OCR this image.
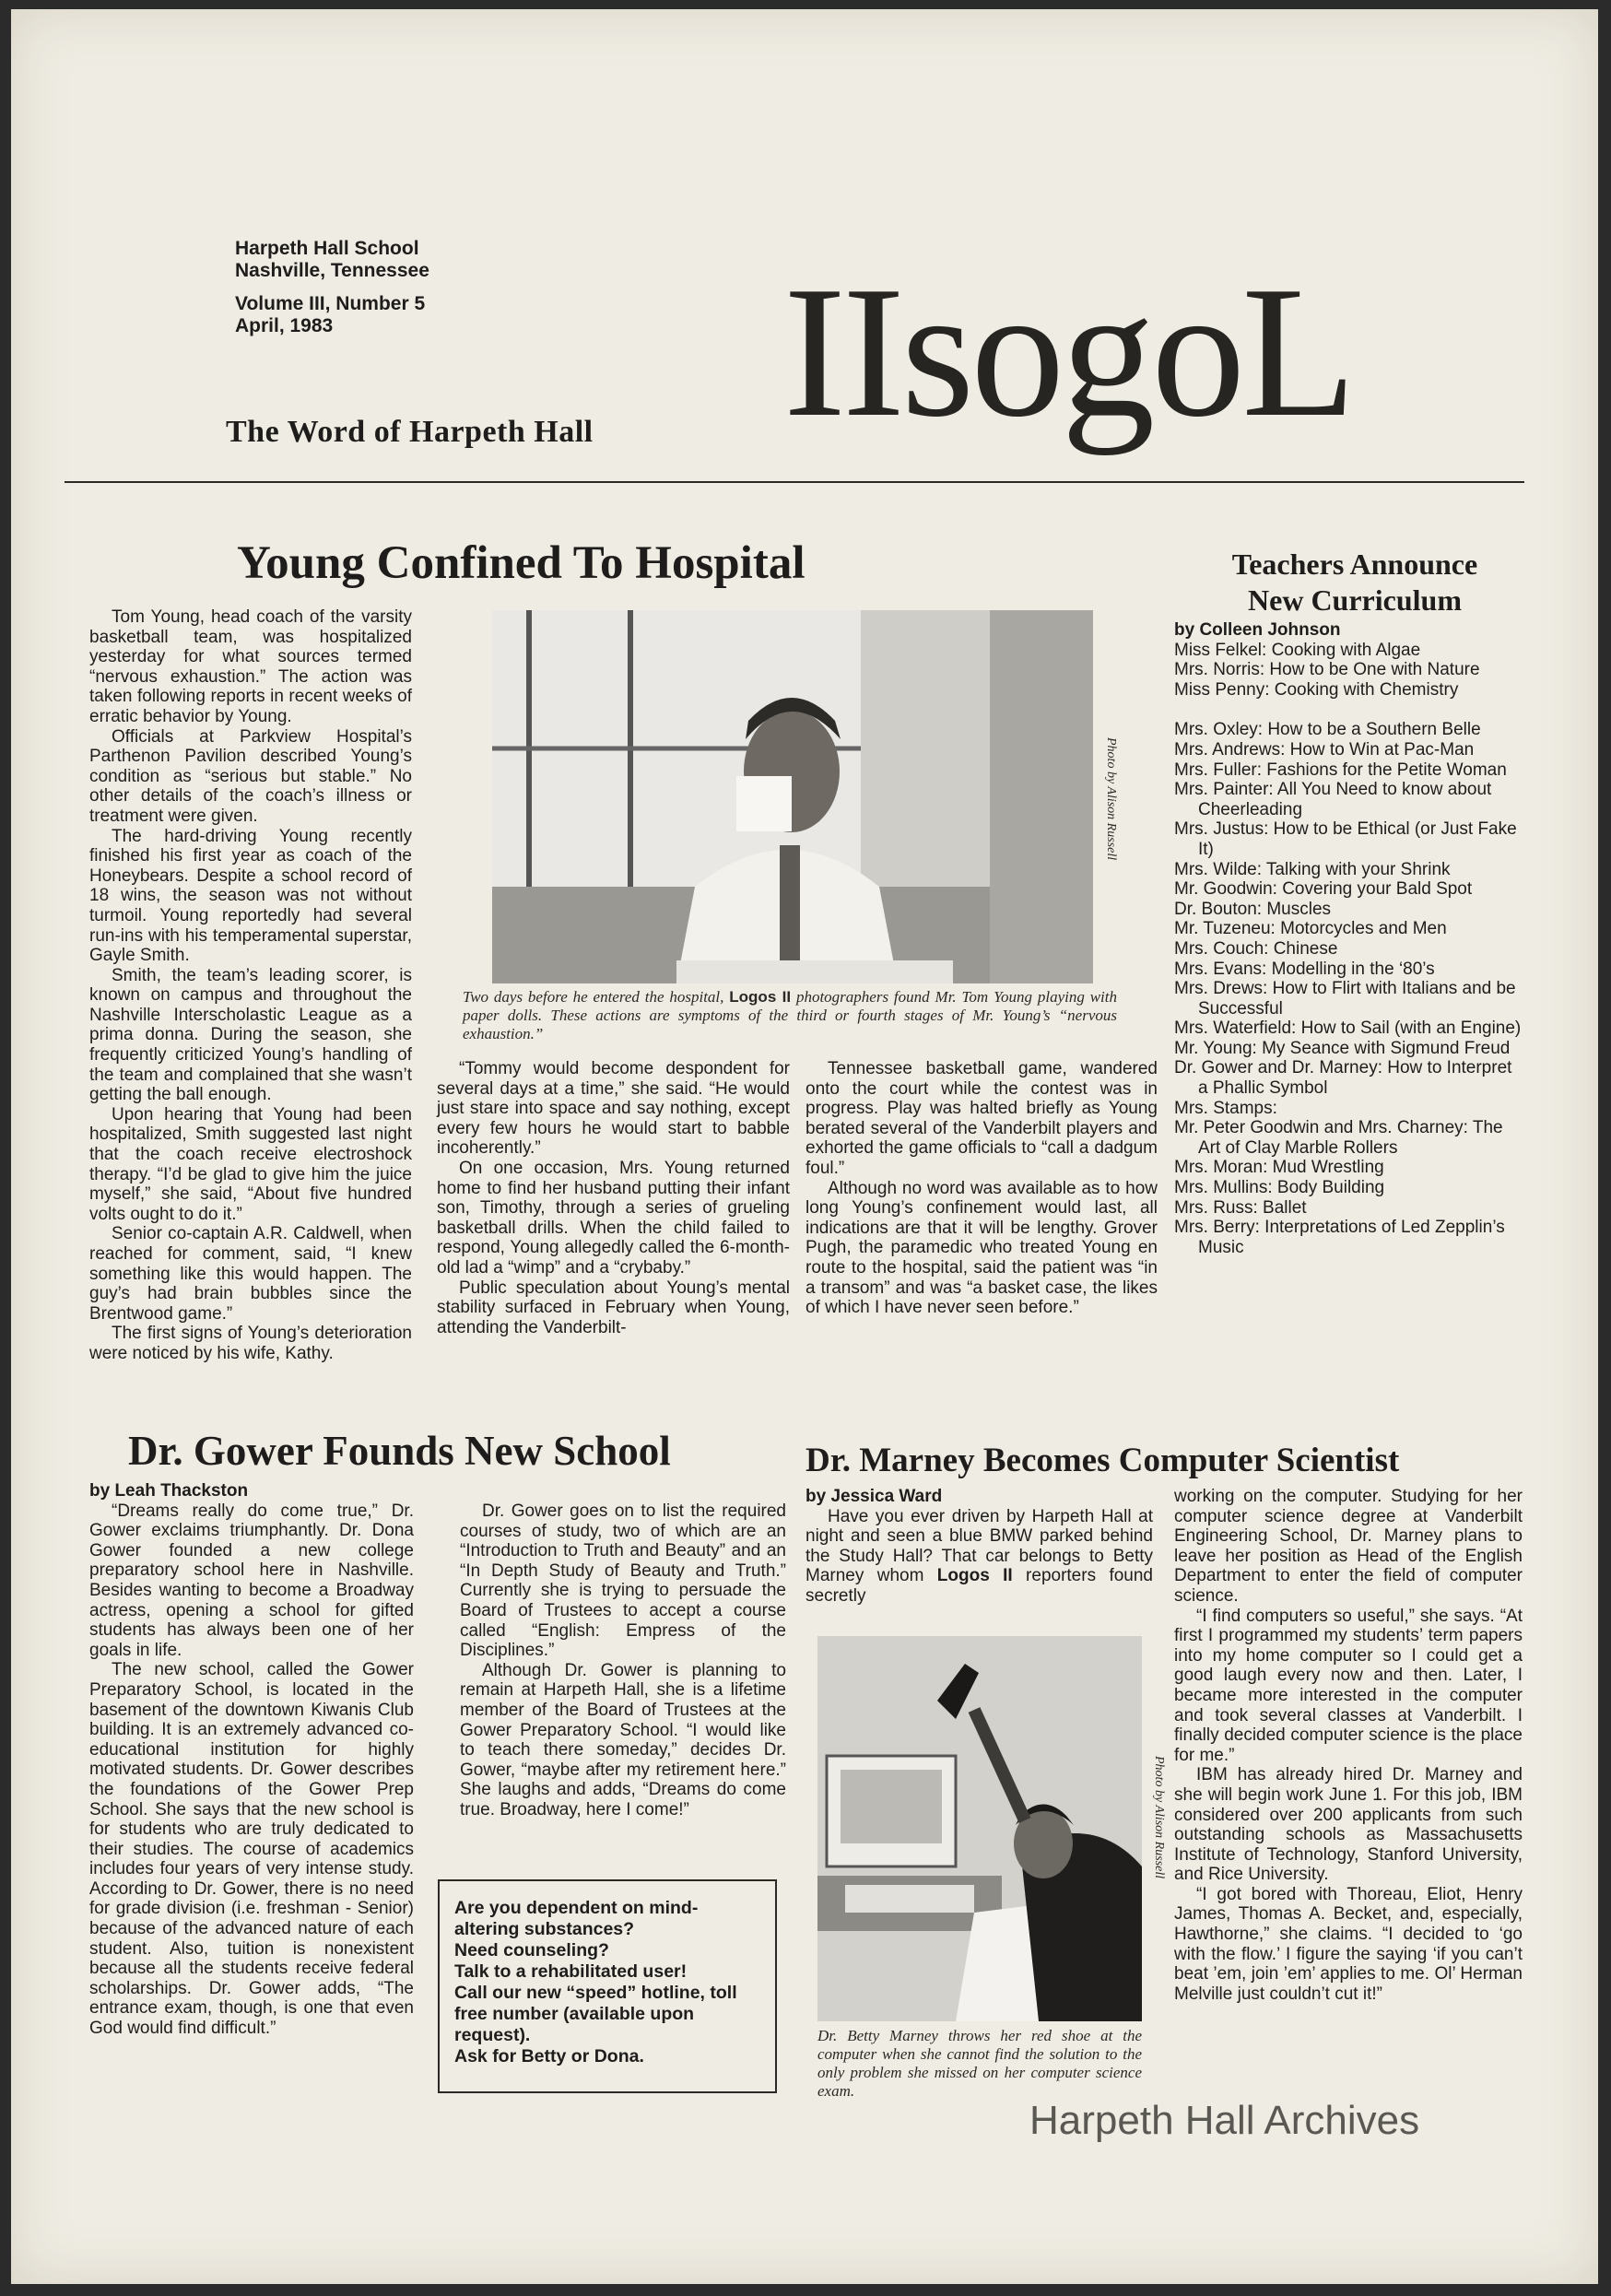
Harpeth Hall School
Nashville, Tennessee
Volume III, Number 5
April, 1983
The Word of Harpeth Hall IIsogoL
Young Confined To Hospital

Tom Young, head coach of the varsity basketball team, was hospitalized yesterday for what sources termed “nervous exhaustion.” The action was taken following reports in recent weeks of erratic behavior by Young.

Officials at Parkview Hospital’s Parthenon Pavilion described Young’s condition as “serious but stable.” No other details of the coach’s illness or treatment were given.

The hard-driving Young recently finished his first year as coach of the Honeybears. Despite a school record of 18 wins, the season was not without turmoil. Young reportedly had several run-ins with his temperamental superstar, Gayle Smith.

Smith, the team’s leading scorer, is known on campus and throughout the Nashville Interscholastic League as a prima donna. During the season, she frequently criticized Young’s handling of the team and complained that she wasn’t getting the ball enough.

Upon hearing that Young had been hospitalized, Smith suggested last night that the coach receive electroshock therapy. “I’d be glad to give him the juice myself,” she said, “About five hundred volts ought to do it.”

Senior co-captain A.R. Caldwell, when reached for comment, said, “I knew something like this would happen. The guy’s had brain bubbles since the Brentwood game.”

The first signs of Young’s deterioration were noticed by his wife, Kathy.

Photo by Alison Russell
Two days before he entered the hospital, Logos II photographers found Mr. Tom Young playing with paper dolls. These actions are symptoms of the third or fourth stages of Mr. Young’s “nervous exhaustion.”

“Tommy would become despondent for several days at a time,” she said. “He would just stare into space and say nothing, except every few hours he would start to babble incoherently.”

On one occasion, Mrs. Young returned home to find her husband putting their infant son, Timothy, through a series of grueling basketball drills. When the child failed to respond, Young allegedly called the 6-month-old lad a “wimp” and a “crybaby.”

Public speculation about Young’s mental stability surfaced in February when Young, attending the Vanderbilt-

Tennessee basketball game, wandered onto the court while the contest was in progress. Play was halted briefly as Young berated several of the Vanderbilt players and exhorted the game officials to “call a dadgum foul.”

Although no word was available as to how long Young’s confinement would last, all indications are that it will be lengthy. Grover Pugh, the paramedic who treated Young en route to the hospital, said the patient was “in a transom” and was “a basket case, the likes of which I have never seen before.”

Teachers Announce
New Curriculum
by Colleen Johnson
Miss Felkel: Cooking with Algae
Mrs. Norris: How to be One with Nature
Miss Penny: Cooking with Chemistry
Mrs. Oxley: How to be a Southern Belle
Mrs. Andrews: How to Win at Pac-Man
Mrs. Fuller: Fashions for the Petite Woman
Mrs. Painter: All You Need to know about Cheerleading
Mrs. Justus: How to be Ethical (or Just Fake It)
Mrs. Wilde: Talking with your Shrink
Mr. Goodwin: Covering your Bald Spot
Dr. Bouton: Muscles
Mr. Tuzeneu: Motorcycles and Men
Mrs. Couch: Chinese
Mrs. Evans: Modelling in the ‘80’s
Mrs. Drews: How to Flirt with Italians and be Successful
Mrs. Waterfield: How to Sail (with an Engine)
Mr. Young: My Seance with Sigmund Freud
Dr. Gower and Dr. Marney: How to Interpret a Phallic Symbol
Mrs. Stamps:
Mr. Peter Goodwin and Mrs. Charney: The Art of Clay Marble Rollers
Mrs. Moran: Mud Wrestling
Mrs. Mullins: Body Building
Mrs. Russ: Ballet
Mrs. Berry: Interpretations of Led Zepplin’s Music
Dr. Gower Founds New School
by Leah Thackston

“Dreams really do come true,” Dr. Gower exclaims triumphantly. Dr. Dona Gower founded a new college preparatory school here in Nashville. Besides wanting to become a Broadway actress, opening a school for gifted students has always been one of her goals in life.

The new school, called the Gower Preparatory School, is located in the basement of the downtown Kiwanis Club building. It is an extremely advanced co-educational institution for highly motivated students. Dr. Gower describes the foundations of the Gower Prep School. She says that the new school is for students who are truly dedicated to their studies. The course of academics includes four years of very intense study. According to Dr. Gower, there is no need for grade division (i.e. freshman - Senior) because of the advanced nature of each student. Also, tuition is nonexistent because all the students receive federal scholarships. Dr. Gower adds, “The entrance exam, though, is one that even God would find difficult.”

Dr. Gower goes on to list the required courses of study, two of which are an “Introduction to Truth and Beauty” and an “In Depth Study of Beauty and Truth.” Currently she is trying to persuade the Board of Trustees to accept a course called “English: Empress of the Disciplines.”

Although Dr. Gower is planning to remain at Harpeth Hall, she is a lifetime member of the Board of Trustees at the Gower Preparatory School. “I would like to teach there someday,” decides Dr. Gower, “maybe after my retirement here.” She laughs and adds, “Dreams do come true. Broadway, here I come!”

Are you dependent on mind-altering substances?
Need counseling?
Talk to a rehabilitated user!
Call our new “speed” hotline, toll free number (available upon request).
Ask for Betty or Dona.
Dr. Marney Becomes Computer Scientist
by Jessica Ward

Have you ever driven by Harpeth Hall at night and seen a blue BMW parked behind the Study Hall? That car belongs to Betty Marney whom Logos II reporters found secretly

Photo by Alison Russell
Dr. Betty Marney throws her red shoe at the computer when she cannot find the solution to the only problem she missed on her computer science exam.

working on the computer. Studying for her computer science degree at Vanderbilt Engineering School, Dr. Marney plans to leave her position as Head of the English Department to enter the field of computer science.

“I find computers so useful,” she says. “At first I programmed my students’ term papers into my home computer so I could get a good laugh every now and then. Later, I became more interested in the computer and took several classes at Vanderbilt. I finally decided computer science is the place for me.”

IBM has already hired Dr. Marney and she will begin work June 1. For this job, IBM considered over 200 applicants from such outstanding schools as Massachusetts Institute of Technology, Stanford University, and Rice University.

“I got bored with Thoreau, Eliot, Henry James, Thomas A. Becket, and, especially, Hawthorne,” she claims. “I decided to ‘go with the flow.’ I figure the saying ‘if you can’t beat ’em, join ’em’ applies to me. Ol’ Herman Melville just couldn’t cut it!”

Harpeth Hall Archives
